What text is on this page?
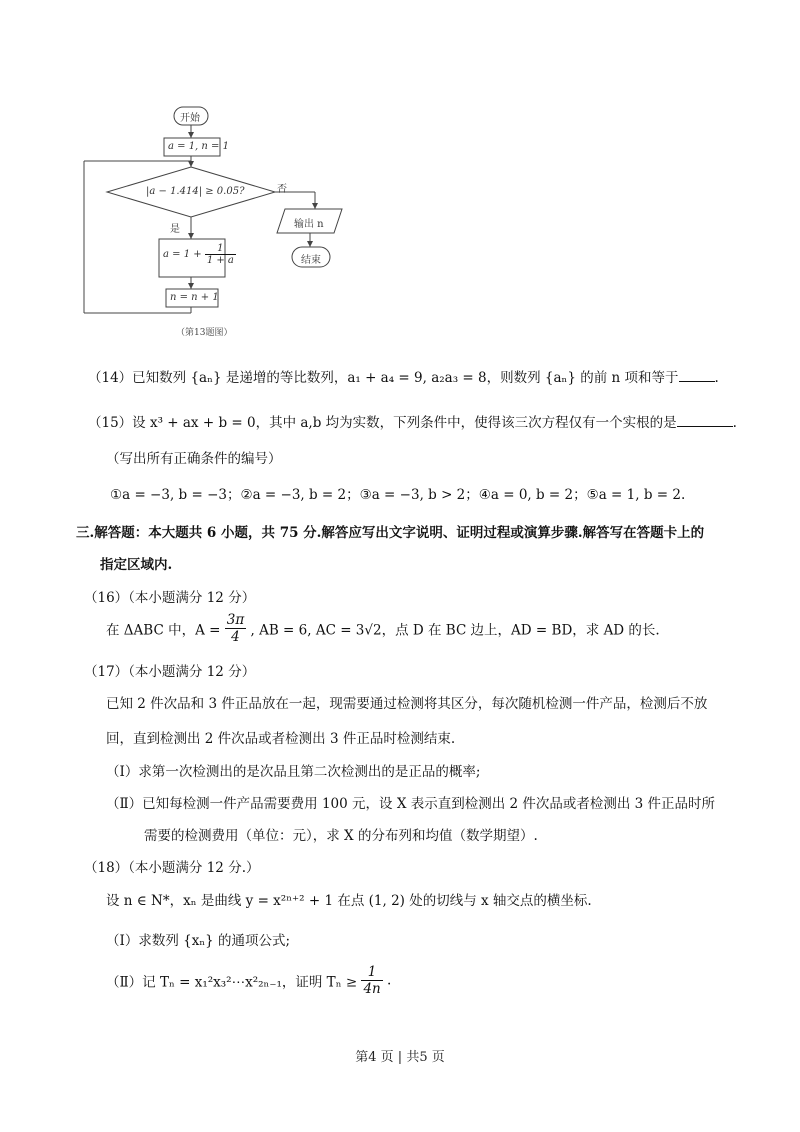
开始
a = 1, n = 1
|a − 1.414| ≥ 0.05?	否
是	输出 n
结束
$a = 1 + \frac{1}{1 + a}$
n = n + 1
（第13题图）
（14）已知数列 {aₙ} 是递增的等比数列，a₁ + a₄ = 9, a₂a₃ = 8，则数列 {aₙ} 的前 n 项和等于	.
（15）设 x³ + ax + b = 0，其中 a,b 均为实数，下列条件中，使得该三次方程仅有一个实根的是	.
（写出所有正确条件的编号）
①a = −3, b = −3；②a = −3, b = 2；③a = −3, b > 2；④a = 0, b = 2；⑤a = 1, b = 2.
三.解答题：本大题共 6 小题，共 75 分.解答应写出文字说明、证明过程或演算步骤.解答写在答题卡上的
指定区域内.
（16）（本小题满分 12 分）
在 ΔABC 中，$A = \frac{3\pi}{4}$ , AB = 6, AC = 3√2，点 D 在 BC 边上，AD = BD，求 AD 的长.
（17）（本小题满分 12 分）
已知 2 件次品和 3 件正品放在一起，现需要通过检测将其区分，每次随机检测一件产品，检测后不放
回，直到检测出 2 件次品或者检测出 3 件正品时检测结束.
（Ⅰ）求第一次检测出的是次品且第二次检测出的是正品的概率;
（Ⅱ）已知每检测一件产品需要费用 100 元，设 X 表示直到检测出 2 件次品或者检测出 3 件正品时所
需要的检测费用（单位：元），求 X 的分布列和均值（数学期望）.
（18）（本小题满分 12 分.）
设 n ∈ N*，xₙ 是曲线 y = x²ⁿ⁺² + 1 在点 (1, 2) 处的切线与 x 轴交点的横坐标.
（Ⅰ）求数列 {xₙ} 的通项公式;
（Ⅱ）记 Tₙ = x₁²x₃²⋯x²₂ₙ₋₁，证明 $T_n \ge \frac{1}{4n}$ .
第4 页 | 共5 页
